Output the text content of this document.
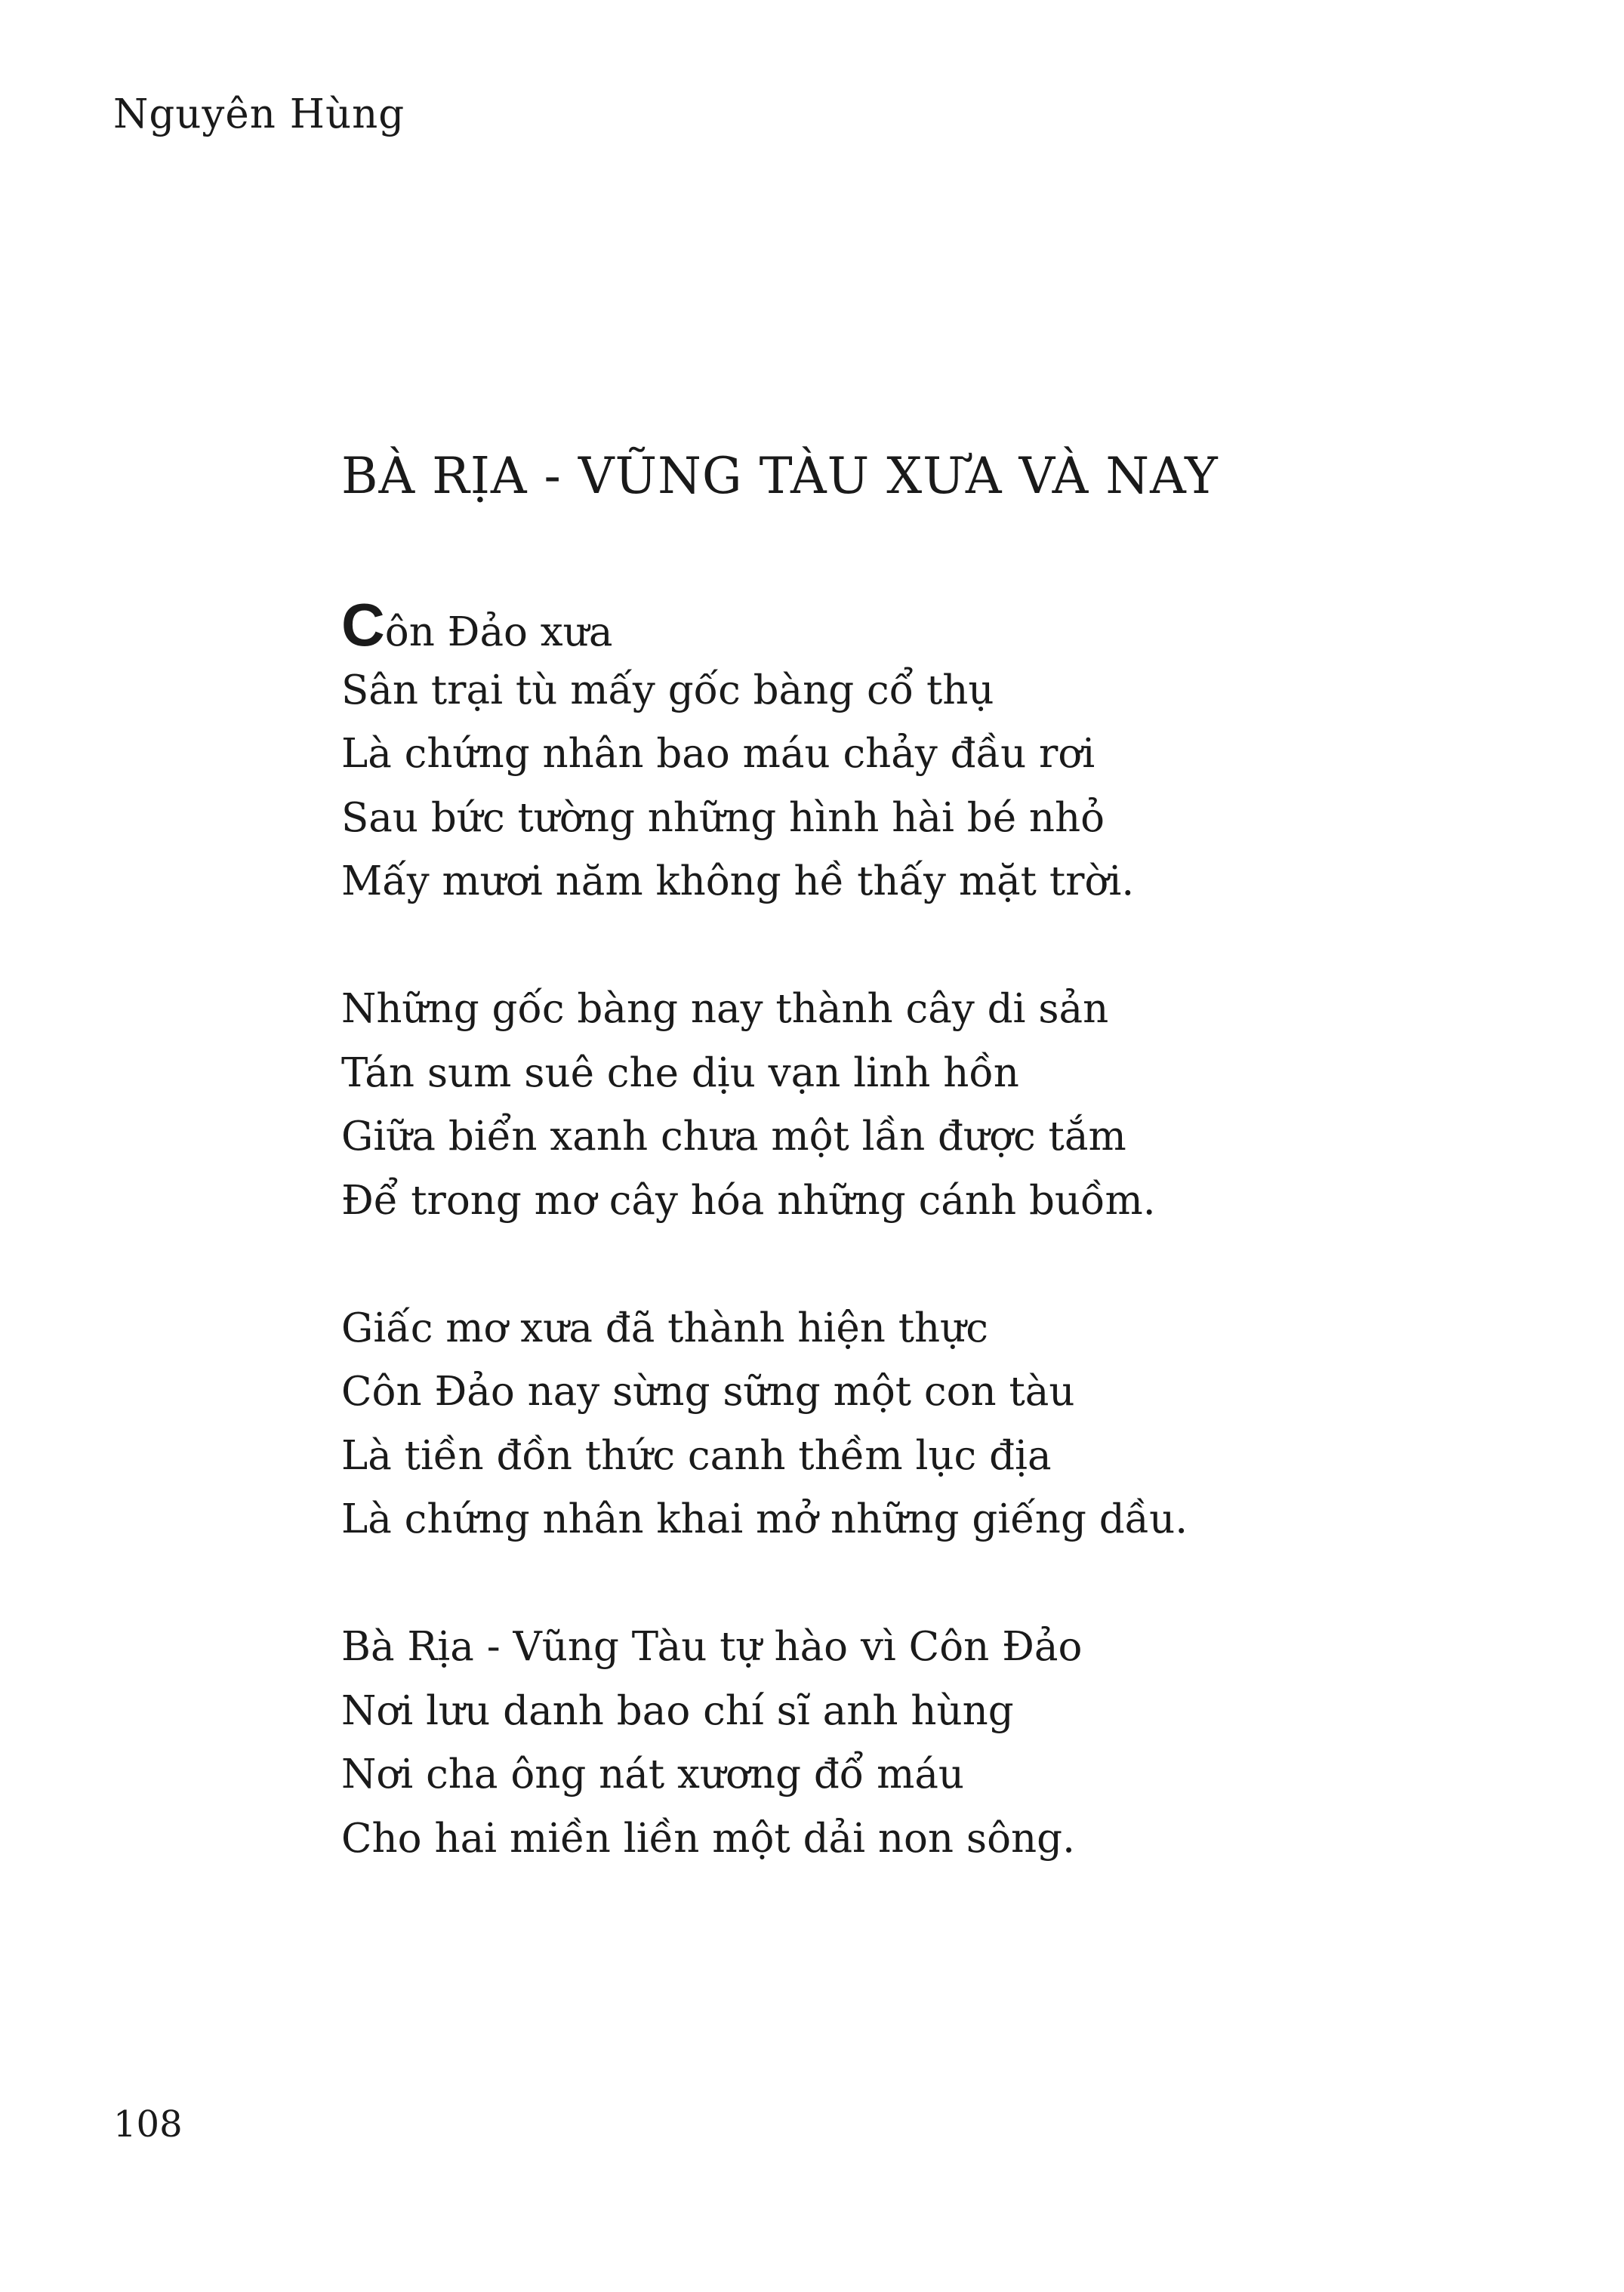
Nguyên Hùng
BÀ RỊA - VŨNG TÀU XƯA VÀ NAY
Côn Đảo xưa
Sân trại tù mấy gốc bàng cổ thụ
Là chứng nhân bao máu chảy đầu rơi
Sau bức tường những hình hài bé nhỏ
Mấy mươi năm không hề thấy mặt trời.
Những gốc bàng nay thành cây di sản
Tán sum suê che dịu vạn linh hồn
Giữa biển xanh chưa một lần được tắm
Để trong mơ cây hóa những cánh buồm.
Giấc mơ xưa đã thành hiện thực
Côn Đảo nay sừng sững một con tàu
Là tiền đồn thức canh thềm lục địa
Là chứng nhân khai mở những giếng dầu.
Bà Rịa - Vũng Tàu tự hào vì Côn Đảo
Nơi lưu danh bao chí sĩ anh hùng
Nơi cha ông nát xương đổ máu
Cho hai miền liền một dải non sông.
108
